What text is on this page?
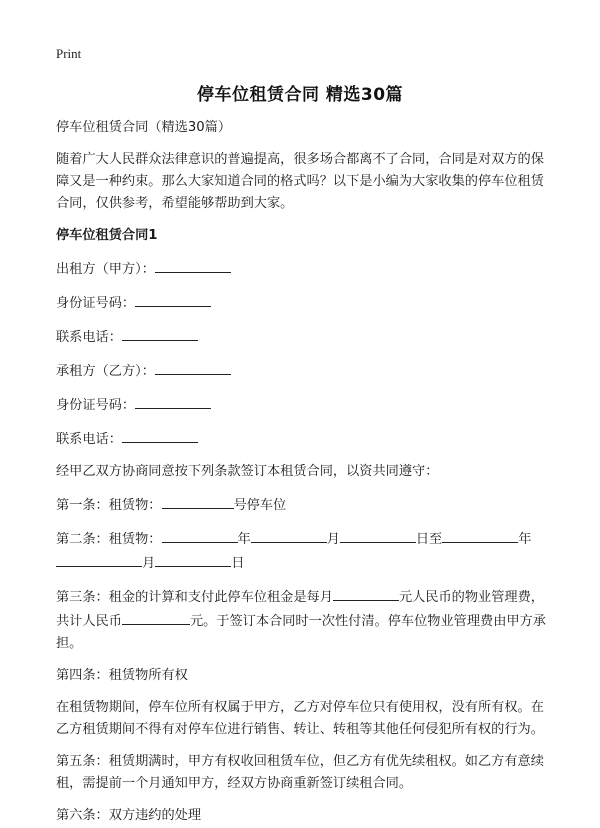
Print
停车位租赁合同 精选30篇

停车位租赁合同（精选30篇）

随着广大人民群众法律意识的普遍提高，很多场合都离不了合同，合同是对双方的保障又是一种约束。那么大家知道合同的格式吗？以下是小编为大家收集的停车位租赁合同，仅供参考，希望能够帮助到大家。

停车位租赁合同1

出租方（甲方）：

身份证号码：

联系电话：

承租方（乙方）：

身份证号码：

联系电话：

经甲乙双方协商同意按下列条款签订本租赁合同，以资共同遵守：

第一条：租赁物：	号停车位

第二条：租赁物：	年	月	日至	年
月	日

第三条：租金的计算和支付此停车位租金是每月	元人民币的物业管理费，共计人民币	元。于签订本合同时一次性付清。停车位物业管理费由甲方承担。

第四条：租赁物所有权

在租赁物期间，停车位所有权属于甲方，乙方对停车位只有使用权，没有所有权。在乙方租赁期间不得有对停车位进行销售、转让、转租等其他任何侵犯所有权的行为。

第五条：租赁期满时，甲方有权收回租赁车位，但乙方有优先续租权。如乙方有意续租，需提前一个月通知甲方，经双方协商重新签订续租合同。

第六条：双方违约的处理
